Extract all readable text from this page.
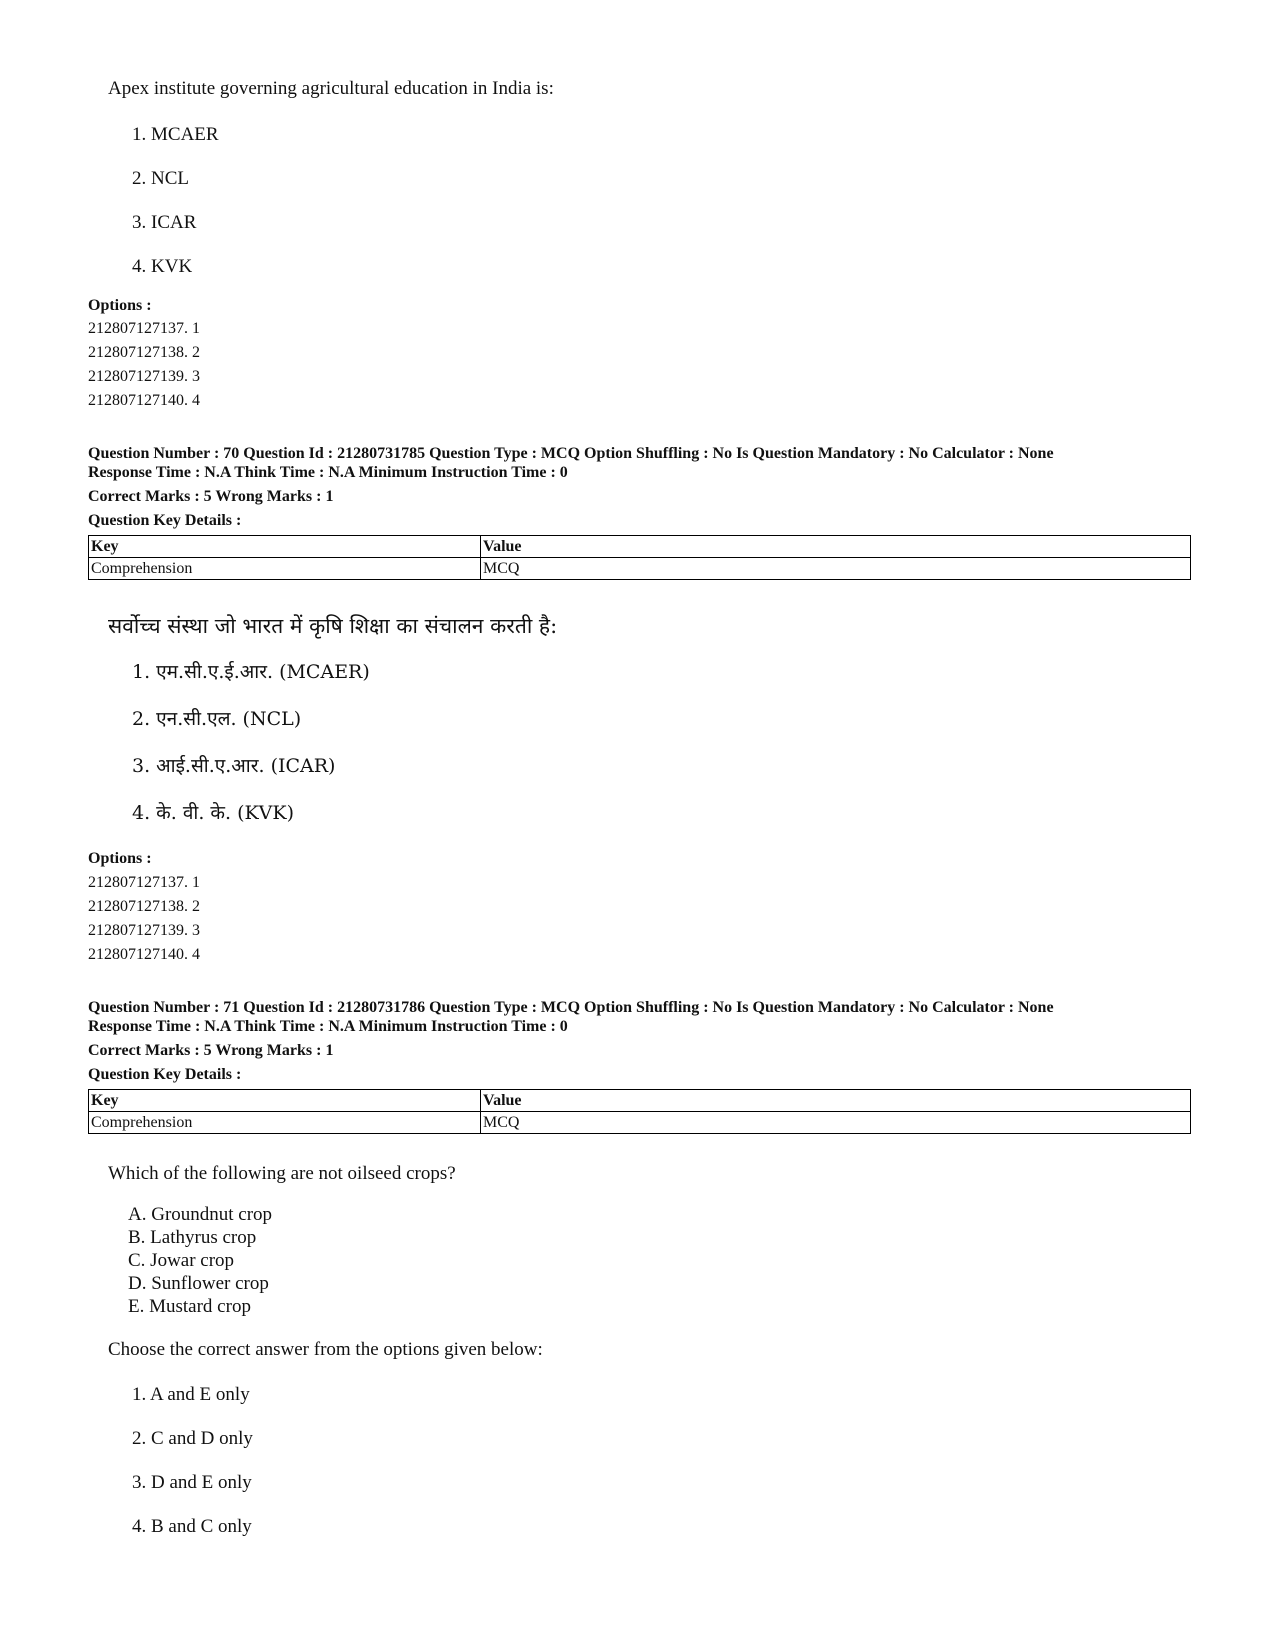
Apex institute governing agricultural education in India is:
1. MCAER
2. NCL
3. ICAR
4. KVK
Options :
212807127137. 1
212807127138. 2
212807127139. 3
212807127140. 4
Question Number : 70 Question Id : 21280731785 Question Type : MCQ Option Shuffling : No Is Question Mandatory : No Calculator : None
Response Time : N.A Think Time : N.A Minimum Instruction Time : 0
Correct Marks : 5 Wrong Marks : 1
Question Key Details :
Key	Value
Comprehension	MCQ
सर्वोच्च संस्था जो भारत में कृषि शिक्षा का संचालन करती है:
1. एम.सी.ए.ई.आर. (MCAER)
2. एन.सी.एल. (NCL)
3. आई.सी.ए.आर. (ICAR)
4. के. वी. के. (KVK)
Options :
212807127137. 1
212807127138. 2
212807127139. 3
212807127140. 4
Question Number : 71 Question Id : 21280731786 Question Type : MCQ Option Shuffling : No Is Question Mandatory : No Calculator : None
Response Time : N.A Think Time : N.A Minimum Instruction Time : 0
Correct Marks : 5 Wrong Marks : 1
Question Key Details :
Key	Value
Comprehension	MCQ
Which of the following are not oilseed crops?
A. Groundnut crop
B. Lathyrus crop
C. Jowar crop
D. Sunflower crop
E. Mustard crop
Choose the correct answer from the options given below:
1. A and E only
2. C and D only
3. D and E only
4. B and C only
